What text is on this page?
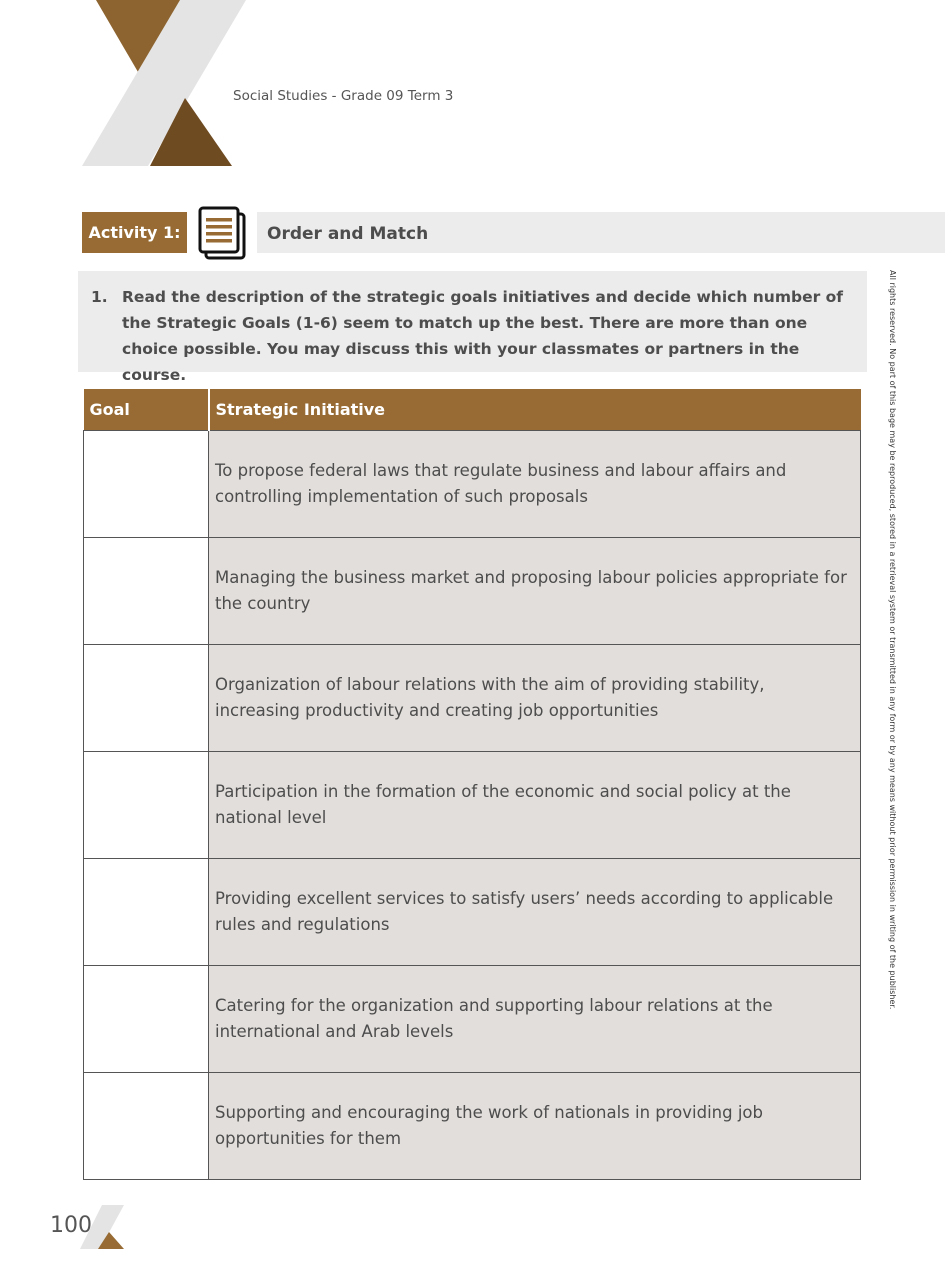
Social Studies - Grade 09 Term 3
Activity 1:	Order and Match
1. Read the description of the strategic goals initiatives and decide which number of the Strategic Goals (1-6) seem to match up the best. There are more than one choice possible. You may discuss this with your classmates or partners in the course.
Goal	Strategic Initiative
	To propose federal laws that regulate business and labour affairs and controlling implementation of such proposals
	Managing the business market and proposing labour policies appropriate for the country
	Organization of labour relations with the aim of providing stability, increasing productivity and creating job opportunities
	Participation in the formation of the economic and social policy at the national level
	Providing excellent services to satisfy users’ needs according to applicable rules and regulations
	Catering for the organization and supporting labour relations at the international and Arab levels
	Supporting and encouraging the work of nationals in providing job opportunities for them
All rights reserved. No part of this bage may be reproduced, stored in a retrieval system or transmitted in any form or by any means without prior permission in writing of the publisher.
100
